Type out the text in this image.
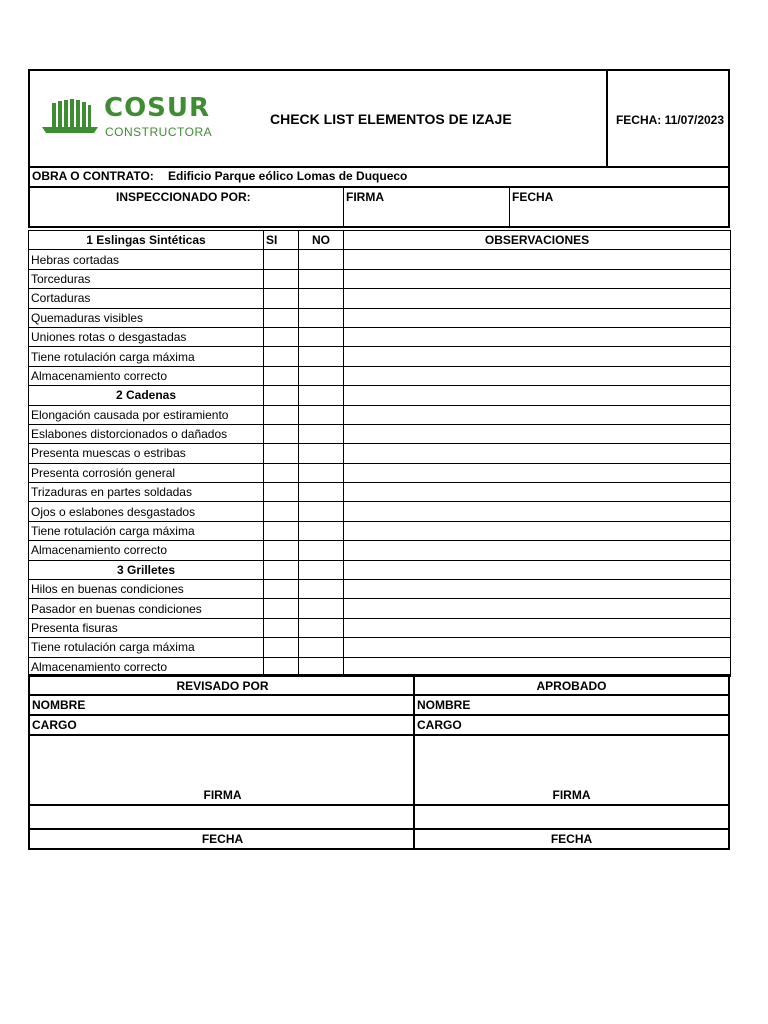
COSUR
CONSTRUCTORA
CHECK LIST ELEMENTOS DE IZAJE	FECHA: 11/07/2023
OBRA O CONTRATO: Edificio Parque eólico Lomas de Duqueco
INSPECCIONADO POR:	FIRMA	FECHA
1 Eslingas Sintéticas	SI	NO	OBSERVACIONES
Hebras cortadas			
Torceduras			
Cortaduras			
Quemaduras visibles			
Uniones rotas o desgastadas			
Tiene rotulación carga máxima			
Almacenamiento correcto			
2 Cadenas			
Elongación causada por estiramiento			
Eslabones distorcionados o dañados			
Presenta muescas o estribas			
Presenta corrosión general			
Trizaduras en partes soldadas			
Ojos o eslabones desgastados			
Tiene rotulación carga máxima			
Almacenamiento correcto			
3 Grilletes			
Hilos en buenas condiciones			
Pasador en buenas condiciones			
Presenta fisuras			
Tiene rotulación carga máxima			
Almacenamiento correcto			
REVISADO POR	APROBADO
NOMBRE	NOMBRE
CARGO	CARGO
FIRMA	FIRMA
FECHA	FECHA
